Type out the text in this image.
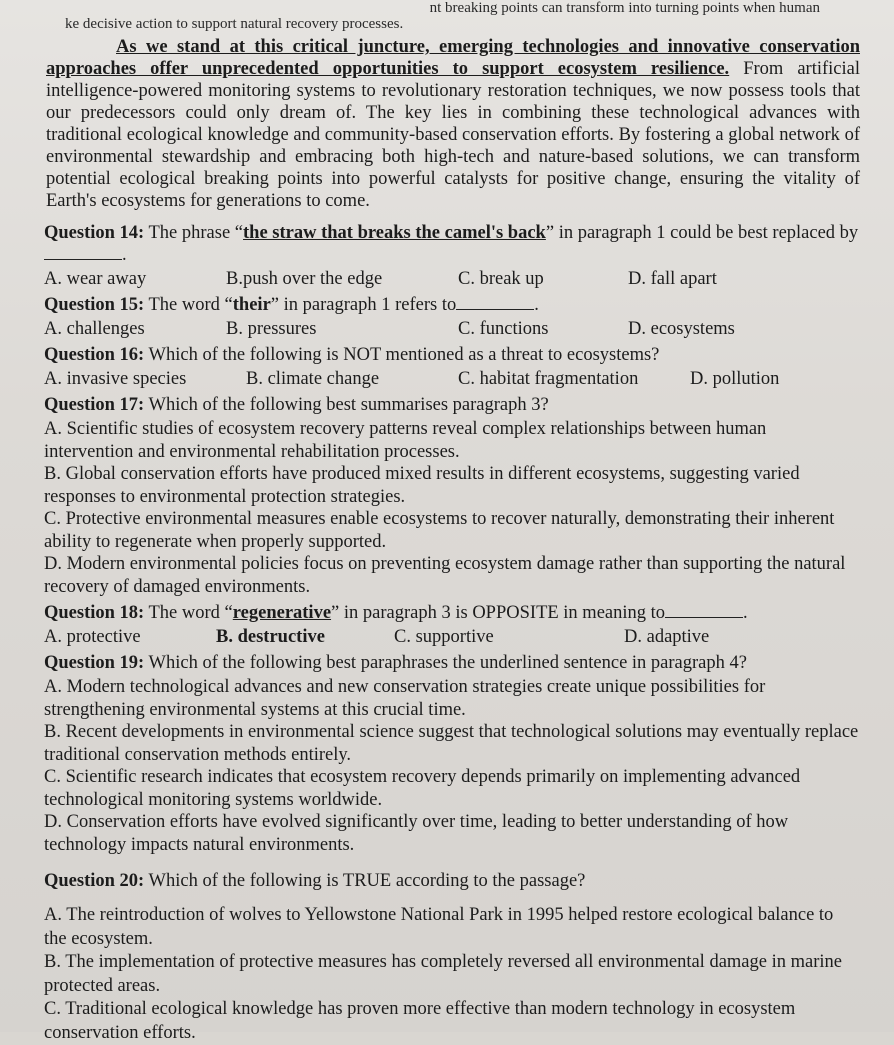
nt breaking points can transform into turning points when human
ke decisive action to support natural recovery processes.

As we stand at this critical juncture, emerging technologies and innovative conservation approaches offer unprecedented opportunities to support ecosystem resilience. From artificial intelligence-powered monitoring systems to revolutionary restoration techniques, we now possess tools that our predecessors could only dream of. The key lies in combining these technological advances with traditional ecological knowledge and community-based conservation efforts. By fostering a global network of environmental stewardship and embracing both high-tech and nature-based solutions, we can transform potential ecological breaking points into powerful catalysts for positive change, ensuring the vitality of Earth's ecosystems for generations to come.

Question 14: The phrase “the straw that breaks the camel's back” in paragraph 1 could be best replaced by.

A. wear away	B.push over the edge	C. break up	D. fall apart

Question 15: The word “their” in paragraph 1 refers to	.

A. challenges	B. pressures	C. functions	D. ecosystems

Question 16: Which of the following is NOT mentioned as a threat to ecosystems?

A. invasive species	B. climate change	C. habitat fragmentation	D. pollution

Question 17: Which of the following best summarises paragraph 3?

A. Scientific studies of ecosystem recovery patterns reveal complex relationships between human intervention and environmental rehabilitation processes.

B. Global conservation efforts have produced mixed results in different ecosystems, suggesting varied responses to environmental protection strategies.

C. Protective environmental measures enable ecosystems to recover naturally, demonstrating their inherent ability to regenerate when properly supported.

D. Modern environmental policies focus on preventing ecosystem damage rather than supporting the natural recovery of damaged environments.

Question 18: The word “regenerative” in paragraph 3 is OPPOSITE in meaning to	.

A. protective	B. destructive	C. supportive	D. adaptive

Question 19: Which of the following best paraphrases the underlined sentence in paragraph 4?

A. Modern technological advances and new conservation strategies create unique possibilities for strengthening environmental systems at this crucial time.

B. Recent developments in environmental science suggest that technological solutions may eventually replace traditional conservation methods entirely.

C. Scientific research indicates that ecosystem recovery depends primarily on implementing advanced technological monitoring systems worldwide.

D. Conservation efforts have evolved significantly over time, leading to better understanding of how technology impacts natural environments.

Question 20: Which of the following is TRUE according to the passage?

A. The reintroduction of wolves to Yellowstone National Park in 1995 helped restore ecological balance to the ecosystem.

B. The implementation of protective measures has completely reversed all environmental damage in marine protected areas.

C. Traditional ecological knowledge has proven more effective than modern technology in ecosystem conservation efforts.
